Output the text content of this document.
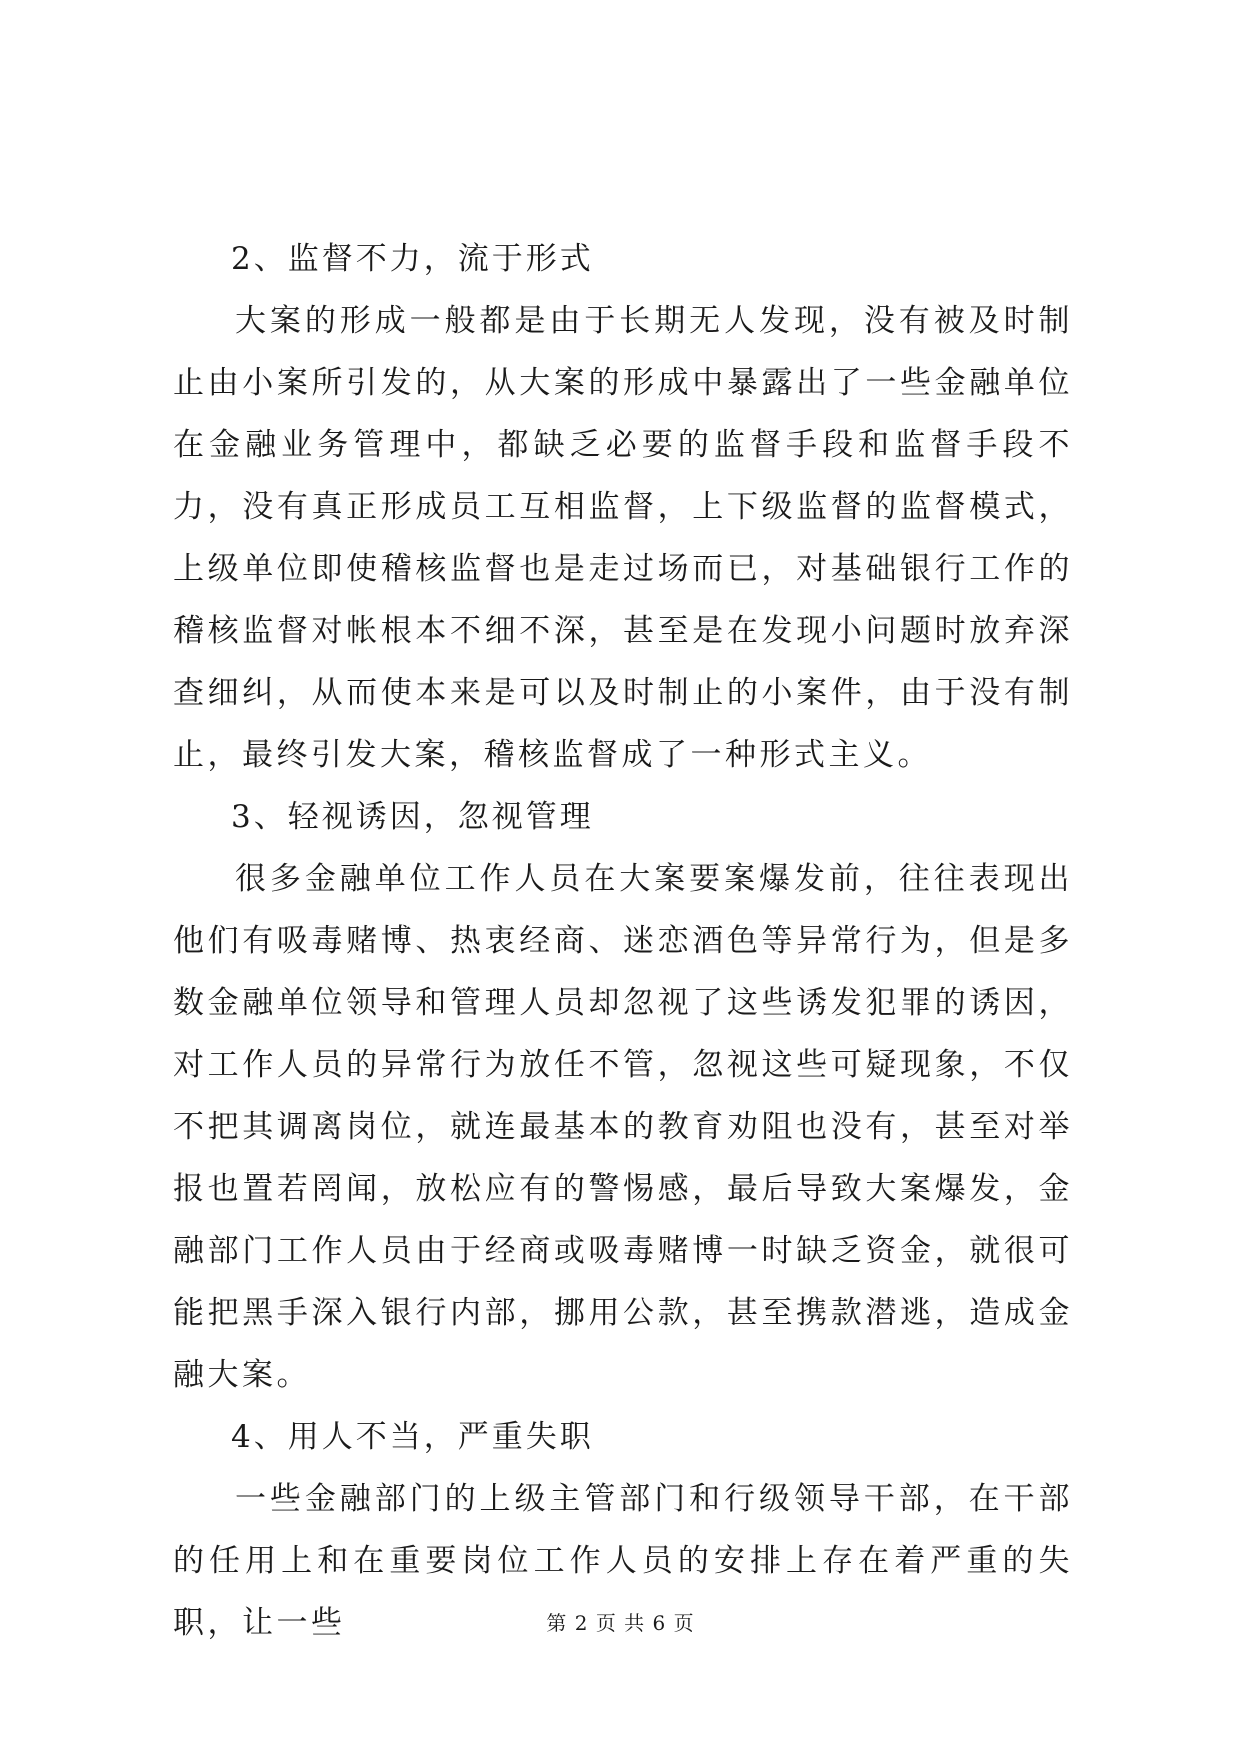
2、监督不力，流于形式

大案的形成一般都是由于长期无人发现，没有被及时制止由小案所引发的，从大案的形成中暴露出了一些金融单位在金融业务管理中，都缺乏必要的监督手段和监督手段不力，没有真正形成员工互相监督，上下级监督的监督模式，上级单位即使稽核监督也是走过场而已，对基础银行工作的稽核监督对帐根本不细不深，甚至是在发现小问题时放弃深查细纠，从而使本来是可以及时制止的小案件，由于没有制止，最终引发大案，稽核监督成了一种形式主义。

3、轻视诱因，忽视管理

很多金融单位工作人员在大案要案爆发前，往往表现出他们有吸毒赌博、热衷经商、迷恋酒色等异常行为，但是多数金融单位领导和管理人员却忽视了这些诱发犯罪的诱因，对工作人员的异常行为放任不管，忽视这些可疑现象，不仅不把其调离岗位，就连最基本的教育劝阻也没有，甚至对举报也置若罔闻，放松应有的警惕感，最后导致大案爆发，金融部门工作人员由于经商或吸毒赌博一时缺乏资金，就很可能把黑手深入银行内部，挪用公款，甚至携款潜逃，造成金融大案。

4、用人不当，严重失职

一些金融部门的上级主管部门和行级领导干部，在干部的任用上和在重要岗位工作人员的安排上存在着严重的失职，让一些	第 2 页 共 6 页
